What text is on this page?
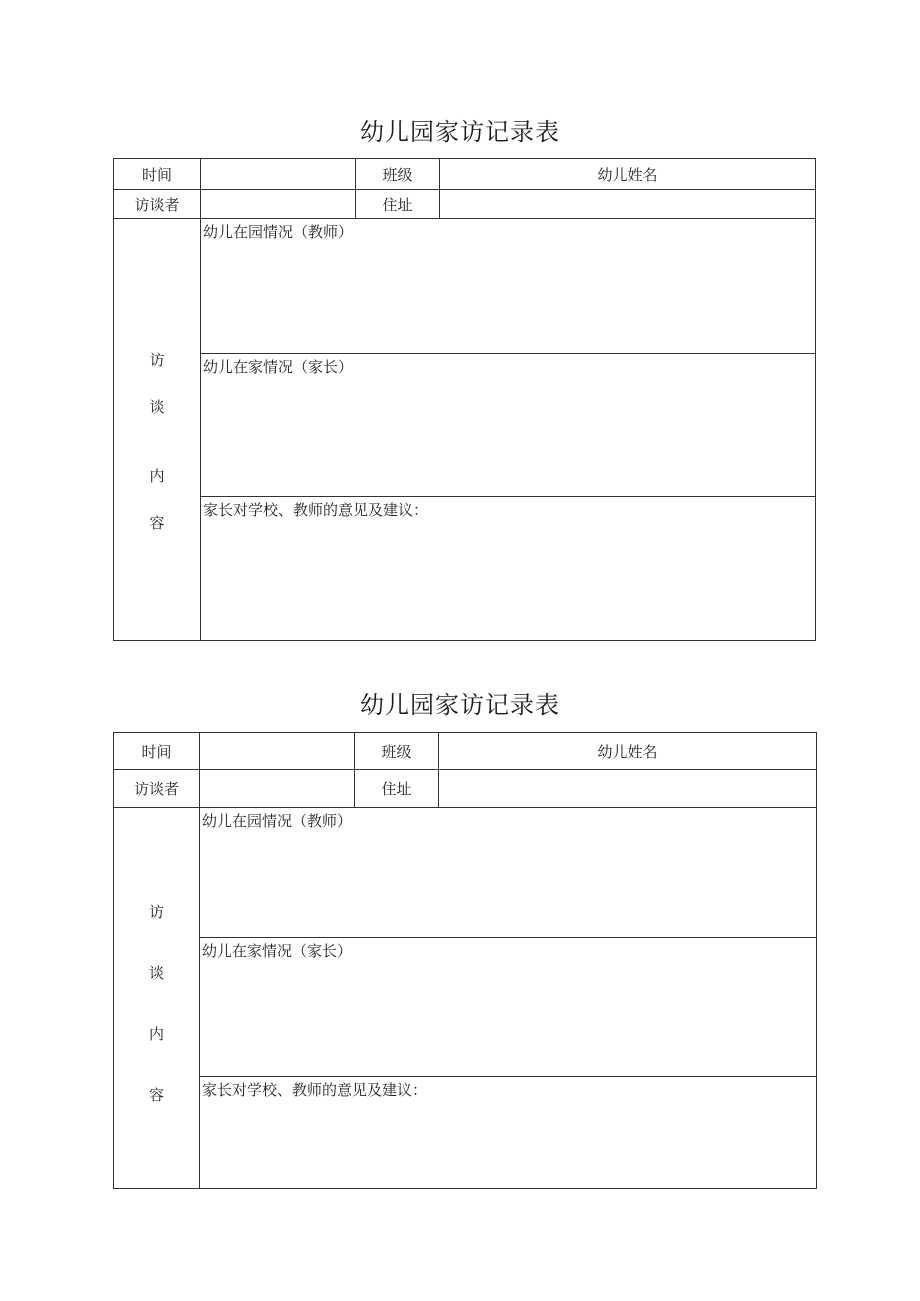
幼儿园家访记录表
时间		班级	幼儿姓名
访谈者		住址	

访
谈
内
容	幼儿在园情况（教师）		
	幼儿在家情况（家长）		
	家长对学校、教师的意见及建议：		
幼儿园家访记录表
时间		班级	幼儿姓名
访谈者		住址	

访
谈
内
容	幼儿在园情况（教师）		
	幼儿在家情况（家长）		
	家长对学校、教师的意见及建议：		
